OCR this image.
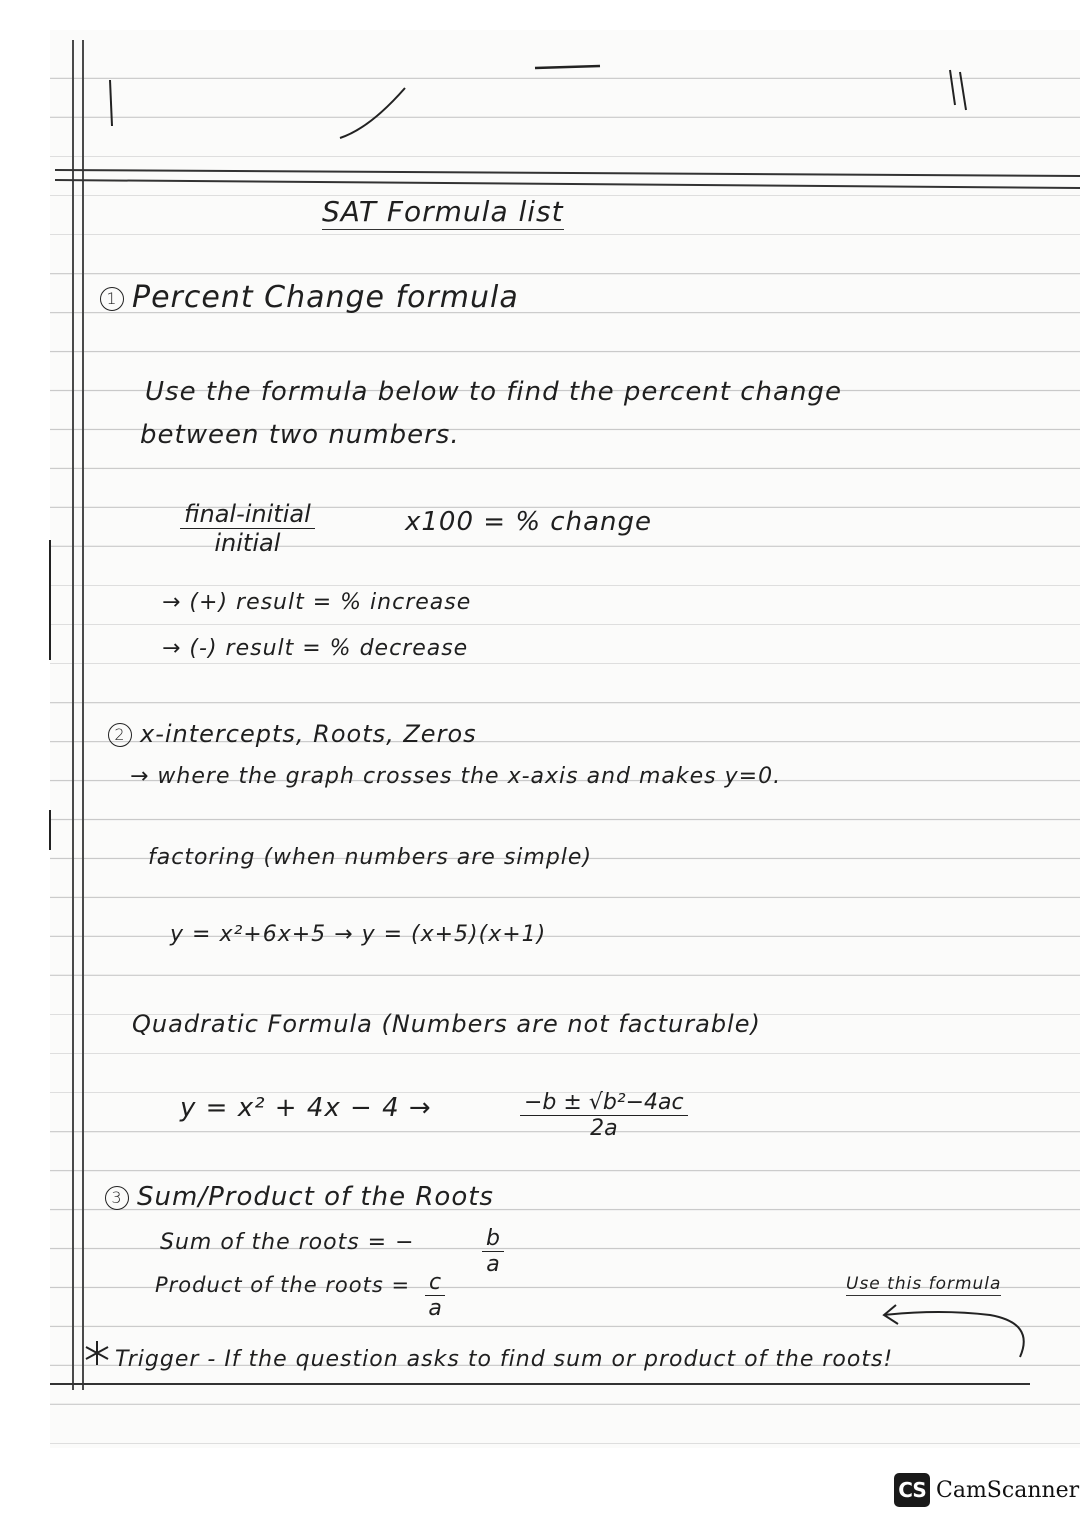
SAT Formula list
1 Percent Change formula
Use the formula below to find the percent change
between two numbers.
final-initial
initial
x100 = % change
→ (+) result = % increase
→ (-) result = % decrease
2 x-intercepts, Roots, Zeros
→ where the graph crosses the x-axis and makes y=0.
factoring (when numbers are simple)
y = x²+6x+5 → y = (x+5)(x+1)
Quadratic Formula (Numbers are not facturable)
y = x² + 4x − 4 →	$\frac{\text{−b ± √b²−4ac}}{2a}$
3 Sum/Product of the Roots
Sum of the roots = −	$\frac{b}{a}$
Product of the roots = $\frac{c}{a}$	Use this formula
Trigger - If the question asks to find sum or product of the roots!
CS CamScanner
